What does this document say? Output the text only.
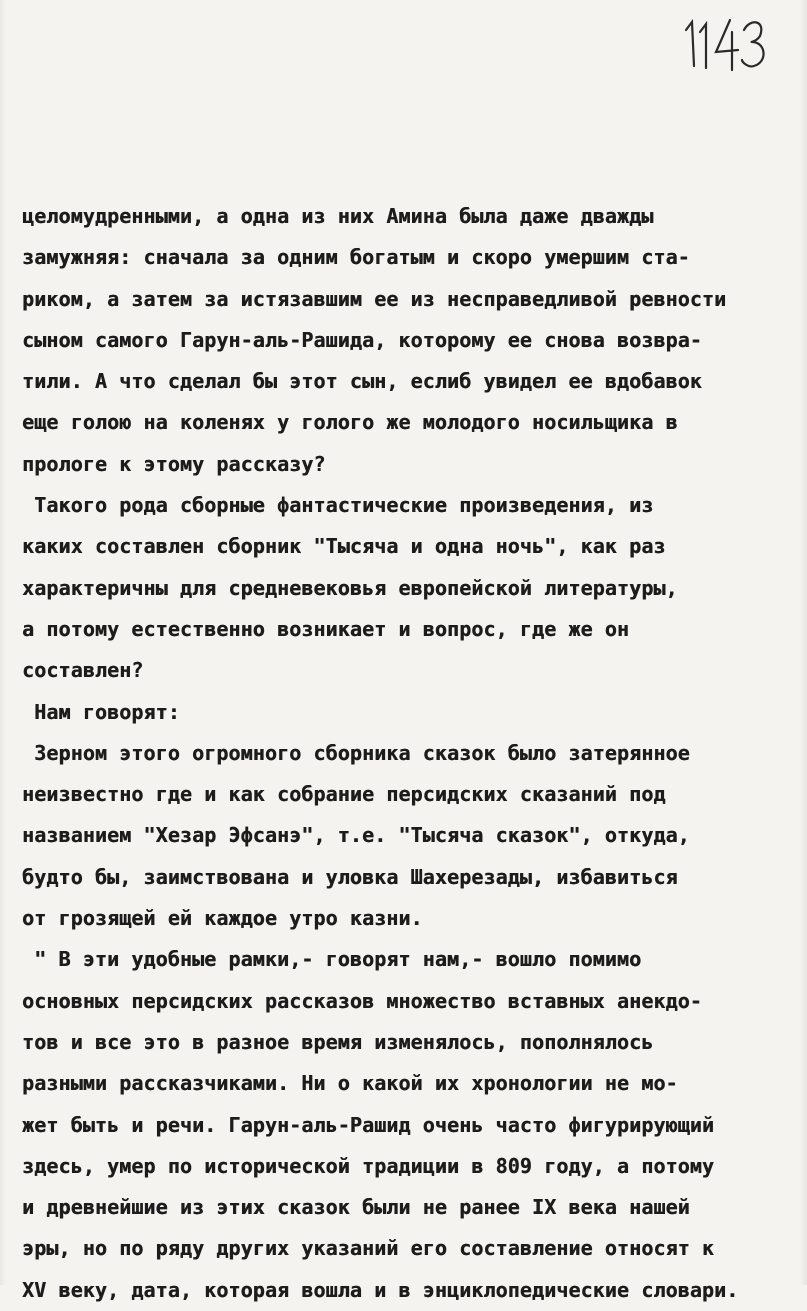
целомудренными, а одна из них Амина была даже дважды
замужняя: сначала за одним богатым и скоро умершим ста-
риком, а затем за истязавшим ее из несправедливой ревности
сыном самого Гарун-аль-Рашида, которому ее снова возвра-
тили. А что сделал бы этот сын, еслиб увидел ее вдобавок
еще голою на коленях у голого же молодого носильщика в
прологе к этому рассказу?
Такого рода сборные фантастические произведения, из
каких составлен сборник "Тысяча и одна ночь", как раз
характеричны для средневековья европейской литературы,
а потому естественно возникает и вопрос, где же он
составлен?
Нам говорят:
Зерном этого огромного сборника сказок было затерянное
неизвестно где и как собрание персидских сказаний под
названием "Хезар Эфсанэ", т.е. "Тысяча сказок", откуда,
будто бы, заимствована и уловка Шахерезады, избавиться
от грозящей ей каждое утро казни.
" В эти удобные рамки,- говорят нам,- вошло помимо
основных персидских рассказов множество вставных анекдо-
тов и все это в разное время изменялось, пополнялось
разными рассказчиками. Ни о какой их хронологии не мо-
жет быть и речи. Гарун-аль-Рашид очень часто фигурирующий
здесь, умер по исторической традиции в 809 году, а потому
и древнейшие из этих сказок были не ранее IX века нашей
эры, но по ряду других указаний его составление относят к
XV веку, дата, которая вошла и в энциклопедические словари.
